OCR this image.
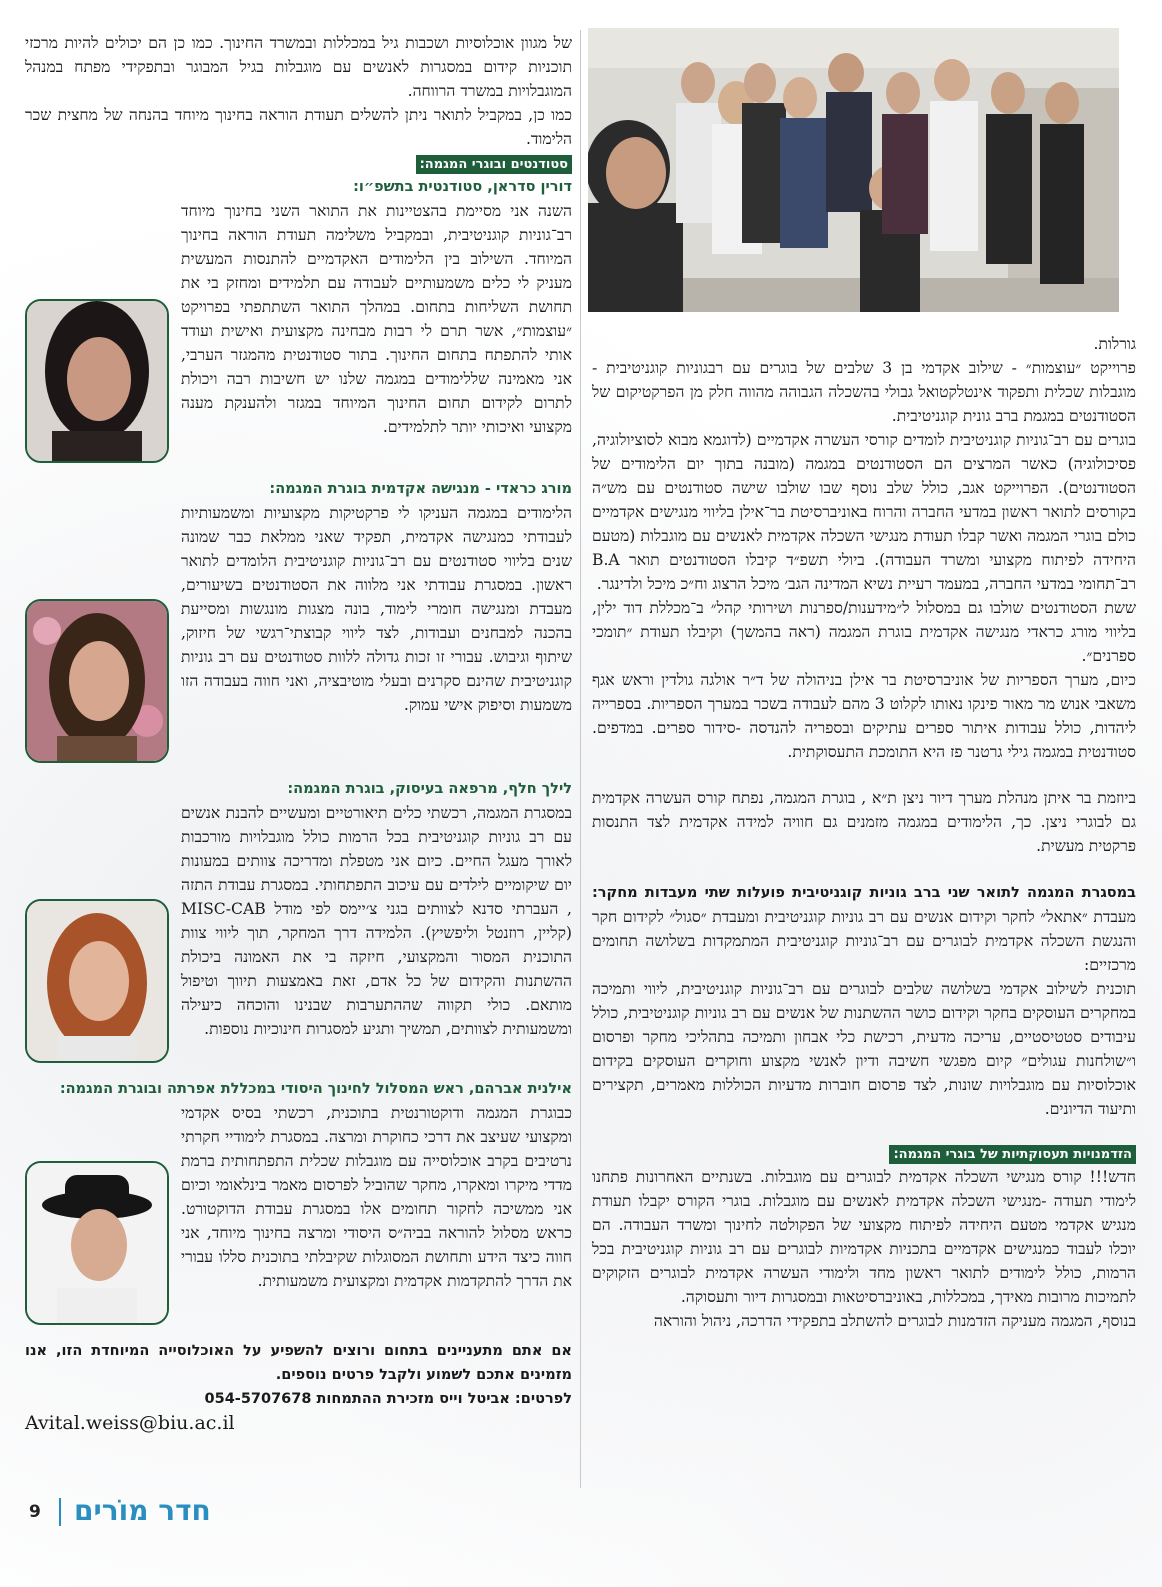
גורלות.

פרוייקט ״עוצמות״ - שילוב אקדמי בן 3 שלבים של בוגרים עם רבגוניות קוגניטיבית - מוגבלות שכלית ותפקוד אינטלקטואל גבולי בהשכלה הגבוהה מהווה חלק מן הפרקטיקום של הסטודנטים במגמת ברב גונית קוגניטיבית.

בוגרים עם רב־גוניות קוגניטיבית לומדים קורסי העשרה אקדמיים (לדוגמא מבוא לסוציולוגיה, פסיכולוגיה) כאשר המרצים הם הסטודנטים במגמה (מובנה בתוך יום הלימודים של הסטודנטים). הפרוייקט אגב, כולל שלב נוסף שבו שולבו שישה סטודנטים עם מש״ה בקורסים לתואר ראשון במדעי החברה והרוח באוניברסיטת בר־אילן בליווי מנגישים אקדמיים כולם בוגרי המגמה ואשר קבלו תעודת מנגישי השכלה אקדמית לאנשים עם מוגבלות (מטעם היחידה לפיתוח מקצועי ומשרד העבודה). ביולי תשפ״ד קיבלו הסטודנטים תואר B.A רב־תחומי במדעי החברה, במעמד רעיית נשיא המדינה הגב׳ מיכל הרצוג וח״כ מיכל ולדינגר.

ששת הסטודנטים שולבו גם במסלול ל״מידענות/ספרנות ושירותי קהל״ ב־מכללת דוד ילין, בליווי מורג כראדי מנגישה אקדמית בוגרת המגמה (ראה בהמשך) וקיבלו תעודת ״תומכי ספרנים״.

כיום, מערך הספריות של אוניברסיטת בר אילן בניהולה של ד״ר אולגה גולדין וראש אגף משאבי אנוש מר מאור פינקו נאותו לקלוט 3 מהם לעבודה בשכר במערך הספריות. בספרייה ליהדות, כולל עבודות איתור ספרים עתיקים ובספריה להנדסה -סידור ספרים. במדפים. סטודנטית במגמה גילי גרטנר פז היא התומכת התעסוקתית.

ביוזמת בר איתן מנהלת מערך דיור ניצן ת״א , בוגרת המגמה, נפתח קורס העשרה אקדמית גם לבוגרי ניצן. כך, הלימודים במגמה מזמנים גם חוויה למידה אקדמית לצד התנסות פרקטית מעשית.

במסגרת המגמה לתואר שני ברב גוניות קוגניטיבית פועלות שתי מעבדות מחקר: מעבדת ״אתאל״ לחקר וקידום אנשים עם רב גוניות קוגניטיבית ומעבדת ״סגול״ לקידום חקר והנגשת השכלה אקדמית לבוגרים עם רב־גוניות קוגניטיבית המתמקדות בשלושה תחומים מרכזיים:

תוכנית לשילוב אקדמי בשלושה שלבים לבוגרים עם רב־גוניות קוגניטיבית, ליווי ותמיכה במחקרים העוסקים בחקר וקידום כושר ההשתנות של אנשים עם רב גוניות קוגניטיבית, כולל עיבודים סטטיסטיים, עריכה מדעית, רכישת כלי אבחון ותמיכה בתהליכי מחקר ופרסום ו״שולחנות עגולים״ קיום מפגשי חשיבה ודיון לאנשי מקצוע וחוקרים העוסקים בקידום אוכלוסיות עם מוגבלויות שונות, לצד פרסום חוברות מדעיות הכוללות מאמרים, תקצירים ותיעוד הדיונים.

הזדמנויות תעסוקתיות של בוגרי המגמה:

חדש!!! קורס מנגישי השכלה אקדמית לבוגרים עם מוגבלות. בשנתיים האחרונות פתחנו לימודי תעודה -מנגישי השכלה אקדמית לאנשים עם מוגבלות. בוגרי הקורס יקבלו תעודת מנגיש אקדמי מטעם היחידה לפיתוח מקצועי של הפקולטה לחינוך ומשרד העבודה. הם יוכלו לעבוד כמנגישים אקדמיים בתכניות אקדמיות לבוגרים עם רב גוניות קוגניטיבית בכל הרמות, כולל לימודים לתואר ראשון מחד ולימודי העשרה אקדמית לבוגרים הזקוקים לתמיכות מרובות מאידך, במכללות, באוניברסיטאות ובמסגרות דיור ותעסוקה.

בנוסף, המגמה מעניקה הזדמנות לבוגרים להשתלב בתפקידי הדרכה, ניהול והוראה

של מגוון אוכלוסיות ושכבות גיל במכללות ובמשרד החינוך. כמו כן הם יכולים להיות מרכזי תוכניות קידום במסגרות לאנשים עם מוגבלות בגיל המבוגר ובתפקידי מפתח במנהל המוגבלויות במשרד הרווחה.

כמו כן, במקביל לתואר ניתן להשלים תעודת הוראה בחינוך מיוחד בהנחה של מחצית שכר הלימוד.

סטודנטים ובוגרי המגמה:
דורין סדראן, סטודנטית בתשפ״ו:

השנה אני מסיימת בהצטיינות את התואר השני בחינוך מיוחד רב־גוניות קוגניטיבית, ובמקביל משלימה תעודת הוראה בחינוך המיוחד. השילוב בין הלימודים האקדמיים להתנסות המעשית מעניק לי כלים משמעותיים לעבודה עם תלמידים ומחזק בי את תחושת השליחות בתחום. במהלך התואר השתתפתי בפרויקט ״עוצמות״, אשר תרם לי רבות מבחינה מקצועית ואישית ועודד אותי להתפתח בתחום החינוך. בתור סטודנטית מהמגזר הערבי, אני מאמינה שללימודים במגמה שלנו יש חשיבות רבה ויכולת לתרום לקידום תחום החינוך המיוחד במגזר ולהענקת מענה מקצועי ואיכותי יותר לתלמידים.

מורג כראדי - מנגישה אקדמית בוגרת המגמה:

הלימודים במגמה העניקו לי פרקטיקות מקצועיות ומשמעותיות לעבודתי כמנגישה אקדמית, תפקיד שאני ממלאת כבר שמונה שנים בליווי סטודנטים עם רב־גוניות קוגניטיבית הלומדים לתואר ראשון. במסגרת עבודתי אני מלווה את הסטודנטים בשיעורים, מעבדת ומנגישה חומרי לימוד, בונה מצגות מונגשות ומסייעת בהכנה למבחנים ועבודות, לצד ליווי קבוצתי־רגשי של חיזוק, שיתוף וגיבוש. עבורי זו זכות גדולה ללוות סטודנטים עם רב גוניות קוגניטיבית שהינם סקרנים ובעלי מוטיבציה, ואני חווה בעבודה הזו משמעות וסיפוק אישי עמוק.

לילך חלף, מרפאה בעיסוק, בוגרת המגמה:

במסגרת המגמה, רכשתי כלים תיאורטיים ומעשיים להבנת אנשים עם רב גוניות קוגניטיבית בכל הרמות כולל מוגבלויות מורכבות לאורך מעגל החיים. כיום אני מטפלת ומדריכה צוותים במעונות יום שיקומיים לילדים עם עיכוב התפתחותי. במסגרת עבודת התזה , העברתי סדנא לצוותים בגני צ׳יימס לפי מודל MISC-CAB (קליין, רוזנטל וליפשיץ). הלמידה דרך המחקר, תוך ליווי צוות התוכנית המסור והמקצועי, חיזקה בי את האמונה ביכולת ההשתנות והקידום של כל אדם, זאת באמצעות תיווך וטיפול מותאם. כולי תקווה שההתערבות שבנינו והוכחה כיעילה ומשמעותית לצוותים, תמשיך ותגיע למסגרות חינוכיות נוספות.

אילנית אברהם, ראש המסלול לחינוך היסודי במכללת אפרתה ובוגרת המגמה:

כבוגרת המגמה ודוקטורנטית בתוכנית, רכשתי בסיס אקדמי ומקצועי שעיצב את דרכי כחוקרת ומרצה. במסגרת לימודיי חקרתי נרטיבים בקרב אוכלוסייה עם מוגבלות שכלית התפתחותית ברמת מדדי מיקרו ומאקרו, מחקר שהוביל לפרסום מאמר בינלאומי וכיום אני ממשיכה לחקור תחומים אלו במסגרת עבודת הדוקטורט. כראש מסלול להוראה בביה״ס היסודי ומרצה בחינוך מיוחד, אני חווה כיצד הידע ותחושת המסוגלות שקיבלתי בתוכנית סללו עבורי את הדרך להתקדמות אקדמית ומקצועית משמעותית.

אם אתם מתעניינים בתחום ורוצים להשפיע על האוכלוסייה המיוחדת הזו, אנו מזמינים אתכם לשמוע ולקבל פרטים נוספים.

לפרטים: אביטל וייס מזכירת ההתמחות 054-5707678

Avital.weiss@biu.ac.il

9 חדר מוֹרים
